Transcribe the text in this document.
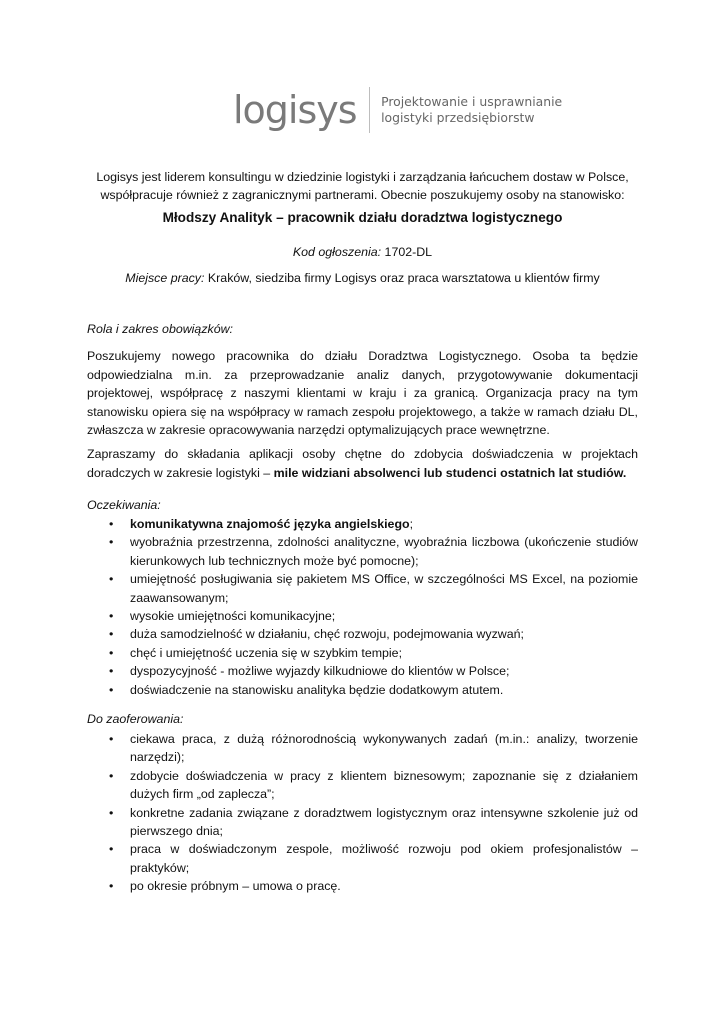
logisys Projektowanie i usprawnianie
logistyki przedsiębiorstw
Logisys jest liderem konsultingu w dziedzinie logistyki i zarządzania łańcuchem dostaw w Polsce,
współpracuje również z zagranicznymi partnerami. Obecnie poszukujemy osoby na stanowisko:
Młodszy Analityk – pracownik działu doradztwa logistycznego
Kod ogłoszenia: 1702-DL
Miejsce pracy: Kraków, siedziba firmy Logisys oraz praca warsztatowa u klientów firmy
Rola i zakres obowiązków:
Poszukujemy nowego pracownika do działu Doradztwa Logistycznego. Osoba ta będzie odpowiedzialna m.in. za przeprowadzanie analiz danych, przygotowywanie dokumentacji projektowej, współpracę z naszymi klientami w kraju i za granicą. Organizacja pracy na tym stanowisku opiera się na współpracy w ramach zespołu projektowego, a także w ramach działu DL, zwłaszcza w zakresie opracowywania narzędzi optymalizujących prace wewnętrzne.
Zapraszamy do składania aplikacji osoby chętne do zdobycia doświadczenia w projektach doradczych w zakresie logistyki – mile widziani absolwenci lub studenci ostatnich lat studiów.
Oczekiwania:
• komunikatywna znajomość języka angielskiego;
• wyobraźnia przestrzenna, zdolności analityczne, wyobraźnia liczbowa (ukończenie studiów kierunkowych lub technicznych może być pomocne);
• umiejętność posługiwania się pakietem MS Office, w szczególności MS Excel, na poziomie zaawansowanym;
• wysokie umiejętności komunikacyjne;
• duża samodzielność w działaniu, chęć rozwoju, podejmowania wyzwań;
• chęć i umiejętność uczenia się w szybkim tempie;
• dyspozycyjność - możliwe wyjazdy kilkudniowe do klientów w Polsce;
• doświadczenie na stanowisku analityka będzie dodatkowym atutem.
Do zaoferowania:
• ciekawa praca, z dużą różnorodnością wykonywanych zadań (m.in.: analizy, tworzenie narzędzi);
• zdobycie doświadczenia w pracy z klientem biznesowym; zapoznanie się z działaniem dużych firm „od zaplecza”;
• konkretne zadania związane z doradztwem logistycznym oraz intensywne szkolenie już od pierwszego dnia;
• praca w doświadczonym zespole, możliwość rozwoju pod okiem profesjonalistów – praktyków;
• po okresie próbnym – umowa o pracę.
